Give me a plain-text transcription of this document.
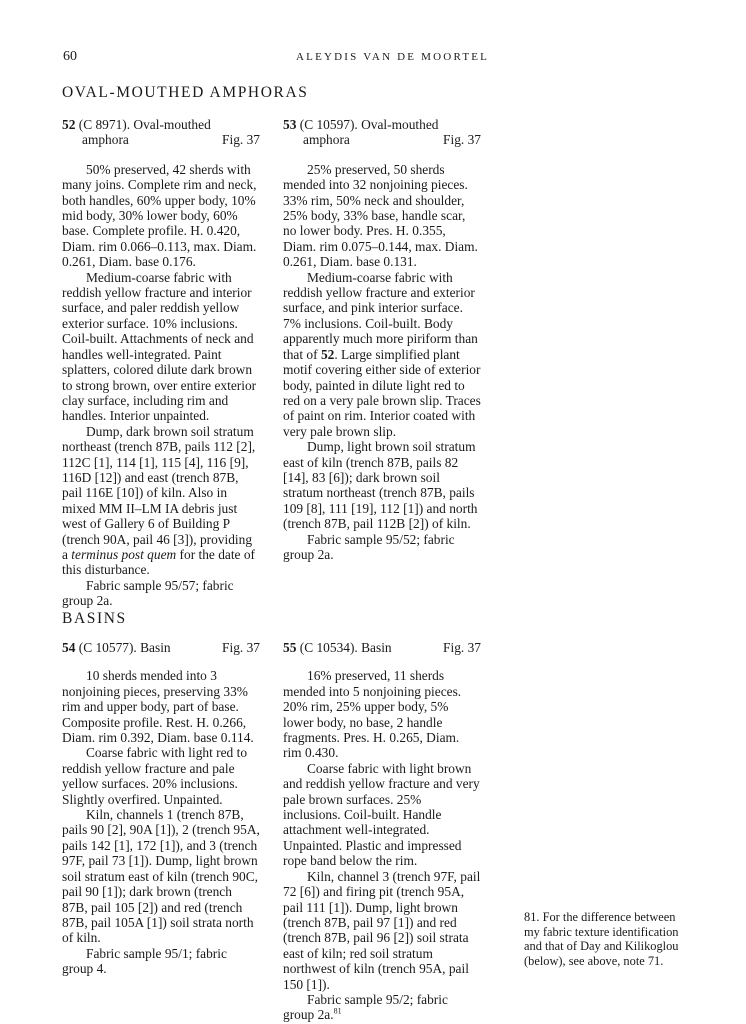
60	ALEYDIS VAN DE MOORTEL
OVAL-MOUTHED AMPHORAS
52 (C 8971). Oval-mouthed
amphora	Fig. 37

50% preserved, 42 sherds with many joins. Complete rim and neck, both handles, 60% upper body, 10% mid body, 30% lower body, 60% base. Complete profile. H. 0.420, Diam. rim 0.066–0.113, max. Diam. 0.261, Diam. base 0.176.

Medium-coarse fabric with reddish yellow fracture and interior surface, and paler reddish yellow exterior surface. 10% inclusions. Coil-built. Attachments of neck and handles well-integrated. Paint splatters, colored dilute dark brown to strong brown, over entire exterior clay surface, including rim and handles. Interior unpainted.

Dump, dark brown soil stratum northeast (trench 87B, pails 112 [2], 112C [1], 114 [1], 115 [4], 116 [9], 116D [12]) and east (trench 87B, pail 116E [10]) of kiln. Also in mixed MM II–LM IA debris just west of Gallery 6 of Building P (trench 90A, pail 46 [3]), providing a terminus post quem for the date of this disturbance.

Fabric sample 95/57; fabric group 2a.

53 (C 10597). Oval-mouthed
amphora	Fig. 37

25% preserved, 50 sherds mended into 32 nonjoining pieces. 33% rim, 50% neck and shoulder, 25% body, 33% base, handle scar, no lower body. Pres. H. 0.355, Diam. rim 0.075–0.144, max. Diam. 0.261, Diam. base 0.131.

Medium-coarse fabric with reddish yellow fracture and exterior surface, and pink interior surface. 7% inclusions. Coil-built. Body apparently much more piriform than that of 52. Large simplified plant motif covering either side of exterior body, painted in dilute light red to red on a very pale brown slip. Traces of paint on rim. Interior coated with very pale brown slip.

Dump, light brown soil stratum east of kiln (trench 87B, pails 82 [14], 83 [6]); dark brown soil stratum northeast (trench 87B, pails 109 [8], 111 [19], 112 [1]) and north (trench 87B, pail 112B [2]) of kiln.

Fabric sample 95/52; fabric group 2a.

BASINS
54 (C 10577). Basin	Fig. 37

10 sherds mended into 3 nonjoining pieces, preserving 33% rim and upper body, part of base. Composite profile. Rest. H. 0.266, Diam. rim 0.392, Diam. base 0.114.

Coarse fabric with light red to reddish yellow fracture and pale yellow surfaces. 20% inclusions. Slightly overfired. Unpainted.

Kiln, channels 1 (trench 87B, pails 90 [2], 90A [1]), 2 (trench 95A, pails 142 [1], 172 [1]), and 3 (trench 97F, pail 73 [1]). Dump, light brown soil stratum east of kiln (trench 90C, pail 90 [1]); dark brown (trench 87B, pail 105 [2]) and red (trench 87B, pail 105A [1]) soil strata north of kiln.

Fabric sample 95/1; fabric group 4.

55 (C 10534). Basin	Fig. 37

16% preserved, 11 sherds mended into 5 nonjoining pieces. 20% rim, 25% upper body, 5% lower body, no base, 2 handle fragments. Pres. H. 0.265, Diam. rim 0.430.

Coarse fabric with light brown and reddish yellow fracture and very pale brown surfaces. 25% inclusions. Coil-built. Handle attachment well-integrated. Unpainted. Plastic and impressed rope band below the rim.

Kiln, channel 3 (trench 97F, pail 72 [6]) and firing pit (trench 95A, pail 111 [1]). Dump, light brown (trench 87B, pail 97 [1]) and red (trench 87B, pail 96 [2]) soil strata east of kiln; red soil stratum northwest of kiln (trench 95A, pail 150 [1]).

Fabric sample 95/2; fabric group 2a.$^{81}$

81. For the difference between my fabric texture identification and that of Day and Kilikoglou (below), see above, note 71.
